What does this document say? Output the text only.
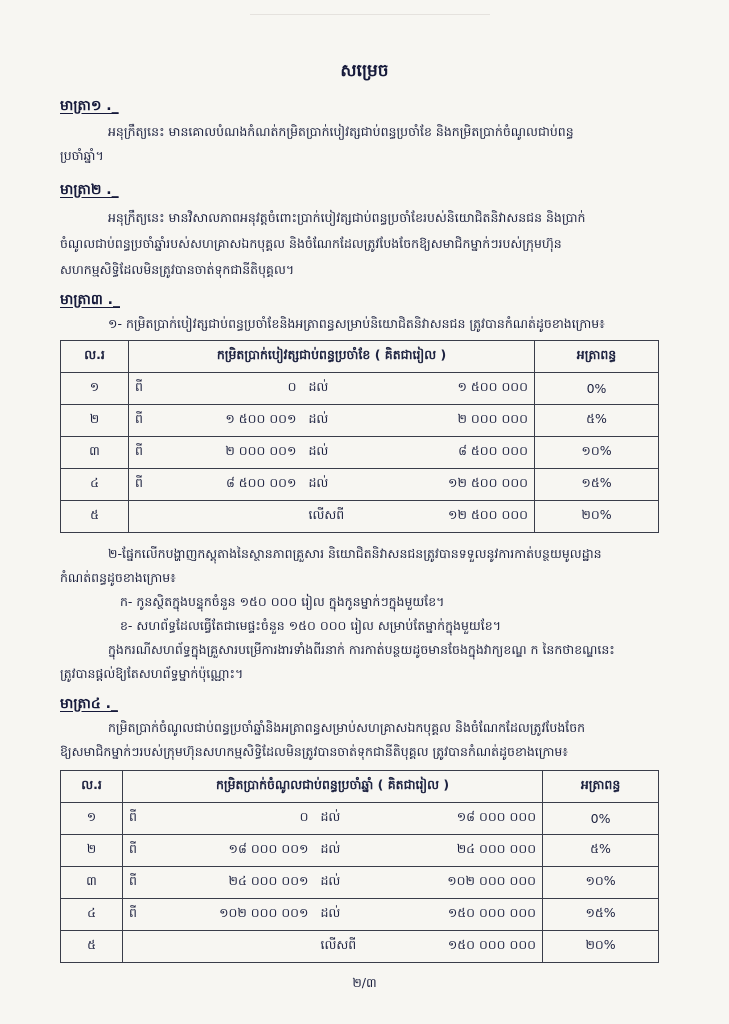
សម្រេច
មាត្រា១ ._
អនុក្រឹត្យនេះ មានគោលបំណងកំណត់កម្រិតប្រាក់បៀវត្សជាប់ពន្ធប្រចាំខែ និងកម្រិតប្រាក់ចំណូលជាប់ពន្ធ
ប្រចាំឆ្នាំ។
មាត្រា២ ._
អនុក្រឹត្យនេះ មានវិសាលភាពអនុវត្តចំពោះប្រាក់បៀវត្សជាប់ពន្ធប្រចាំខែរបស់និយោជិតនិវាសនជន និងប្រាក់
ចំណូលជាប់ពន្ធប្រចាំឆ្នាំរបស់សហគ្រាសឯកបុគ្គល និងចំណែកដែលត្រូវបែងចែកឱ្យសមាជិកម្នាក់ៗរបស់ក្រុមហ៊ុន
សហកម្មសិទ្ធិដែលមិនត្រូវបានចាត់ទុកជានីតិបុគ្គល។
មាត្រា៣ ._
១- កម្រិតប្រាក់បៀវត្សជាប់ពន្ធប្រចាំខែនិងអត្រាពន្ធសម្រាប់និយោជិតនិវាសនជន ត្រូវបានកំណត់ដូចខាងក្រោម៖
ល.រ	កម្រិតប្រាក់បៀវត្សជាប់ពន្ធប្រចាំខែ ( គិតជារៀល )				អត្រាពន្ធ
១	ពី	០	ដល់	១ ៥០០ ០០០	0%
២	ពី	១ ៥០០ ០០១	ដល់	២ ០០០ ០០០	៥%
៣	ពី	២ ០០០ ០០១	ដល់	៨ ៥០០ ០០០	១០%
៤	ពី	៨ ៥០០ ០០១	ដល់	១២ ៥០០ ០០០	១៥%
៥			លើសពី	១២ ៥០០ ០០០	២០%
២-ផ្នែកលើកបង្ហាញកស្តុតាងនៃស្ថានភាពគ្រួសារ និយោជិតនិវាសនជនត្រូវបានទទួលនូវការកាត់បន្ថយមូលដ្ឋាន
កំណត់ពន្ធដូចខាងក្រោម៖
ក- កូនស្ថិតក្នុងបន្ទុកចំនួន ១៥០ ០០០ រៀល ក្នុងកូនម្នាក់ៗក្នុងមួយខែ។
ខ- សហព័ទ្ធដែលធ្វើតែជាមេផ្ទះចំនួន ១៥០ ០០០ រៀល សម្រាប់តែម្នាក់ក្នុងមួយខែ។
ក្នុងករណីសហព័ទ្ធក្នុងគ្រួសារបម្រើការងារទាំងពីរនាក់ ការកាត់បន្ថយដូចមានចែងក្នុងវាក្យខណ្ឌ ក នៃកថាខណ្ឌនេះ
ត្រូវបានផ្តល់ឱ្យតែសហព័ទ្ធម្នាក់ប៉ុណ្ណោះ។
មាត្រា៤ ._
កម្រិតប្រាក់ចំណូលជាប់ពន្ធប្រចាំឆ្នាំនិងអត្រាពន្ធសម្រាប់សហគ្រាសឯកបុគ្គល និងចំណែកដែលត្រូវបែងចែក
ឱ្យសមាជិកម្នាក់ៗរបស់ក្រុមហ៊ុនសហកម្មសិទ្ធិដែលមិនត្រូវបានចាត់ទុកជានីតិបុគ្គល ត្រូវបានកំណត់ដូចខាងក្រោម៖
ល.រ	កម្រិតប្រាក់ចំណូលជាប់ពន្ធប្រចាំឆ្នាំ ( គិតជារៀល )				អត្រាពន្ធ
១	ពី	០	ដល់	១៨ ០០០ ០០០	0%
២	ពី	១៨ ០០០ ០០១	ដល់	២៤ ០០០ ០០០	៥%
៣	ពី	២៤ ០០០ ០០១	ដល់	១០២ ០០០ ០០០	១០%
៤	ពី	១០២ ០០០ ០០១	ដល់	១៥០ ០០០ ០០០	១៥%
៥			លើសពី	១៥០ ០០០ ០០០	២០%
២/៣
